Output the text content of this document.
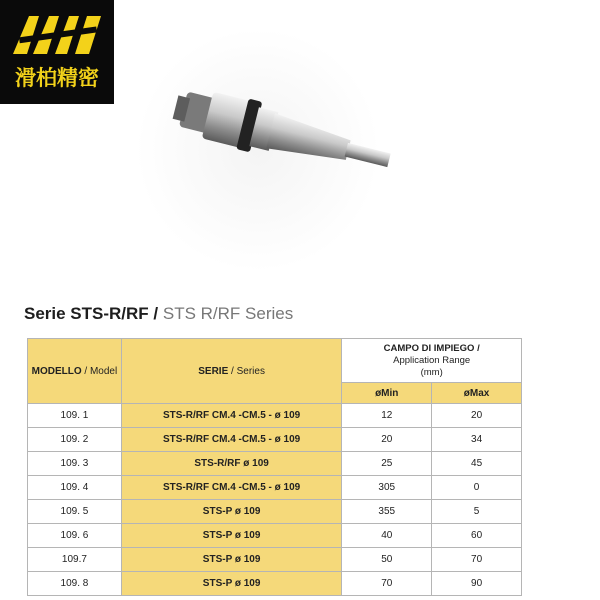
滑柏精密
Serie STS-R/RF / STS R/RF Series
MODELLO / Model	SERIE / Series	CAMPO DI IMPIEGO /
Application Range
(mm)	

		øMin	øMax
109. 1	STS-R/RF CM.4 -CM.5 - ø 109	12	20
109. 2	STS-R/RF CM.4 -CM.5 - ø 109	20	34
109. 3	STS-R/RF ø 109	25	45
109. 4	STS-R/RF CM.4 -CM.5 - ø 109	305	0
109. 5	STS-P ø 109	355	5
109. 6	STS-P ø 109	40	60
109.7	STS-P ø 109	50	70
109. 8	STS-P ø 109	70	90
